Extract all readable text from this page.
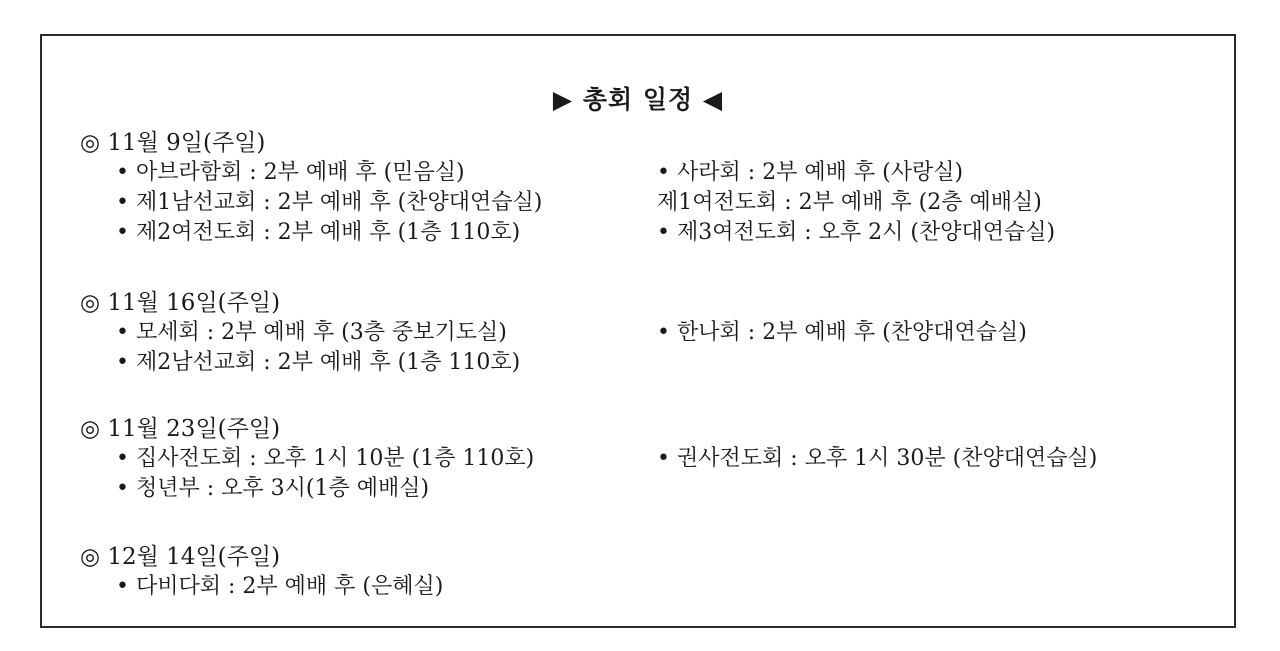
▶ 총회 일정 ◀
◎ 11월 9일(주일)
• 아브라함회 : 2부 예배 후 (믿음실)	• 사라회 : 2부 예배 후 (사랑실)
• 제1남선교회 : 2부 예배 후 (찬양대연습실)	제1여전도회 : 2부 예배 후 (2층 예배실)
• 제2여전도회 : 2부 예배 후 (1층 110호)	• 제3여전도회 : 오후 2시 (찬양대연습실)
◎ 11월 16일(주일)
• 모세회 : 2부 예배 후 (3층 중보기도실)	• 한나회 : 2부 예배 후 (찬양대연습실)
• 제2남선교회 : 2부 예배 후 (1층 110호)
◎ 11월 23일(주일)
• 집사전도회 : 오후 1시 10분 (1층 110호)	• 권사전도회 : 오후 1시 30분 (찬양대연습실)
• 청년부 : 오후 3시(1층 예배실)
◎ 12월 14일(주일)
• 다비다회 : 2부 예배 후 (은혜실)
